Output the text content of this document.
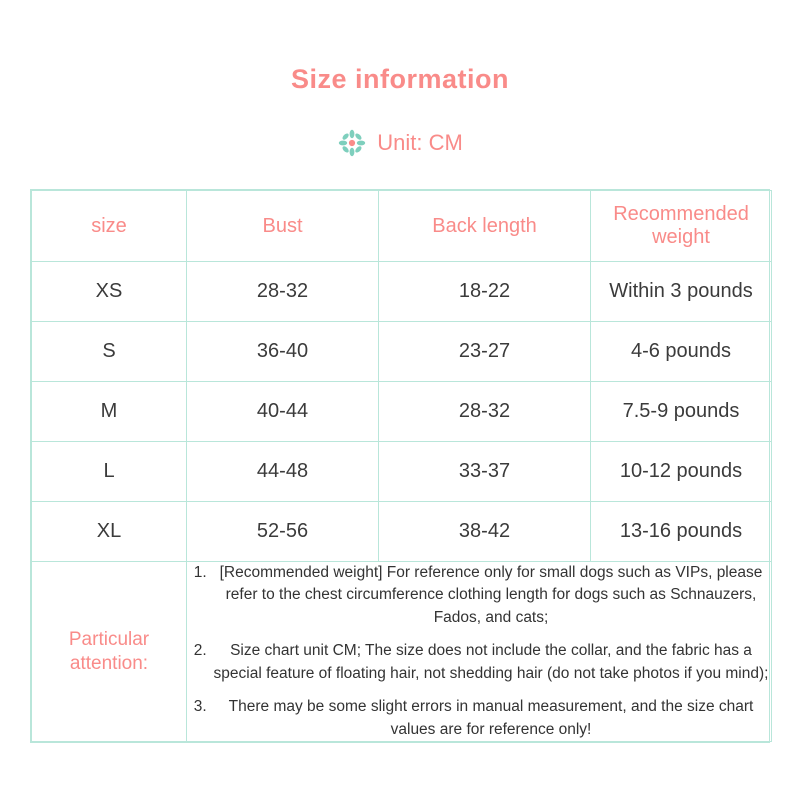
Size information
Unit: CM
size	Bust	Back length	Recommended weight
XS	28-32	18-22	Within 3 pounds
S	36-40	23-27	4-6 pounds
M	40-44	28-32	7.5-9 pounds
L	44-48	33-37	10-12 pounds
XL	52-56	38-42	13-16 pounds
Particular attention:	
1. [Recommended weight] For reference only for small dogs such as VIPs, please refer to the chest circumference clothing length for dogs such as Schnauzers, Fados, and cats;
2. Size chart unit CM; The size does not include the collar, and the fabric has a special feature of floating hair, not shedding hair (do not take photos if you mind);
3. There may be some slight errors in manual measurement, and the size chart values are for reference only!
